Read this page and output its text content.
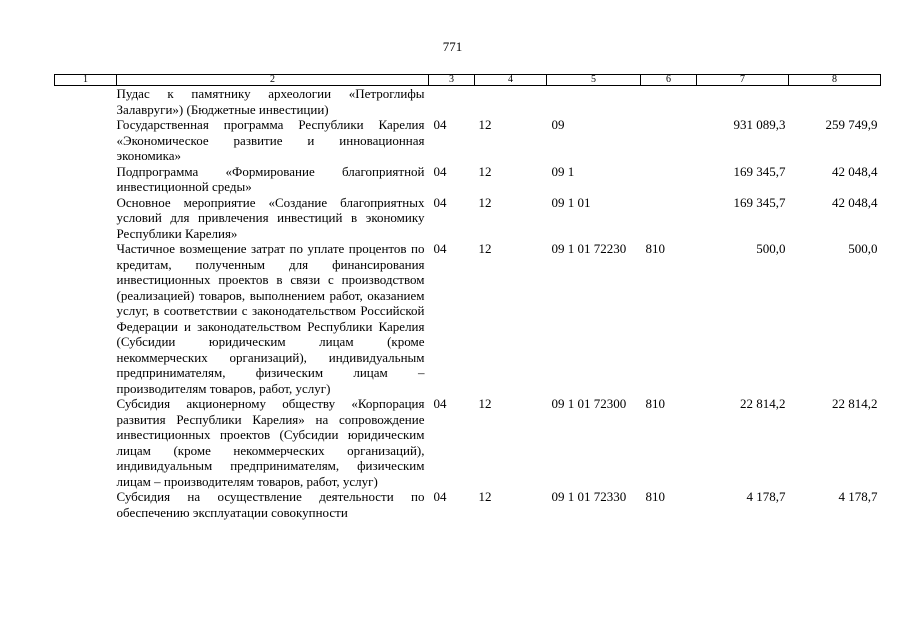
771
1	2	3	4	5	6	7	8
	Пудас к памятнику археологии «Петроглифы Залавруги») (Бюджетные инвестиции)						
	Государственная программа Республики Карелия «Экономическое развитие и инновационная экономика»	04	12	09		931 089,3	259 749,9
	Подпрограмма «Формирование благоприятной инвестиционной среды»	04	12	09 1		169 345,7	42 048,4
	Основное мероприятие «Создание благоприятных условий для привлечения инвестиций в экономику Республики Карелия»	04	12	09 1 01		169 345,7	42 048,4
	Частичное возмещение затрат по уплате процентов по кредитам, полученным для финансирования инвестиционных проектов в связи с производством (реализацией) товаров, выполнением работ, оказанием услуг, в соответствии с законодательством Российской Федерации и законодательством Республики Карелия (Субсидии юридическим лицам (кроме некоммерческих организаций), индивидуальным предпринимателям, физическим лицам – производителям товаров, работ, услуг)	04	12	09 1 01 72230	810	500,0	500,0
	Субсидия акционерному обществу «Корпорация развития Республики Карелия» на сопровождение инвестиционных проектов (Субсидии юридическим лицам (кроме некоммерческих организаций), индивидуальным предпринимателям, физическим лицам – производителям товаров, работ, услуг)	04	12	09 1 01 72300	810	22 814,2	22 814,2
	Субсидия на осуществление деятельности по обеспечению эксплуатации совокупности	04	12	09 1 01 72330	810	4 178,7	4 178,7
